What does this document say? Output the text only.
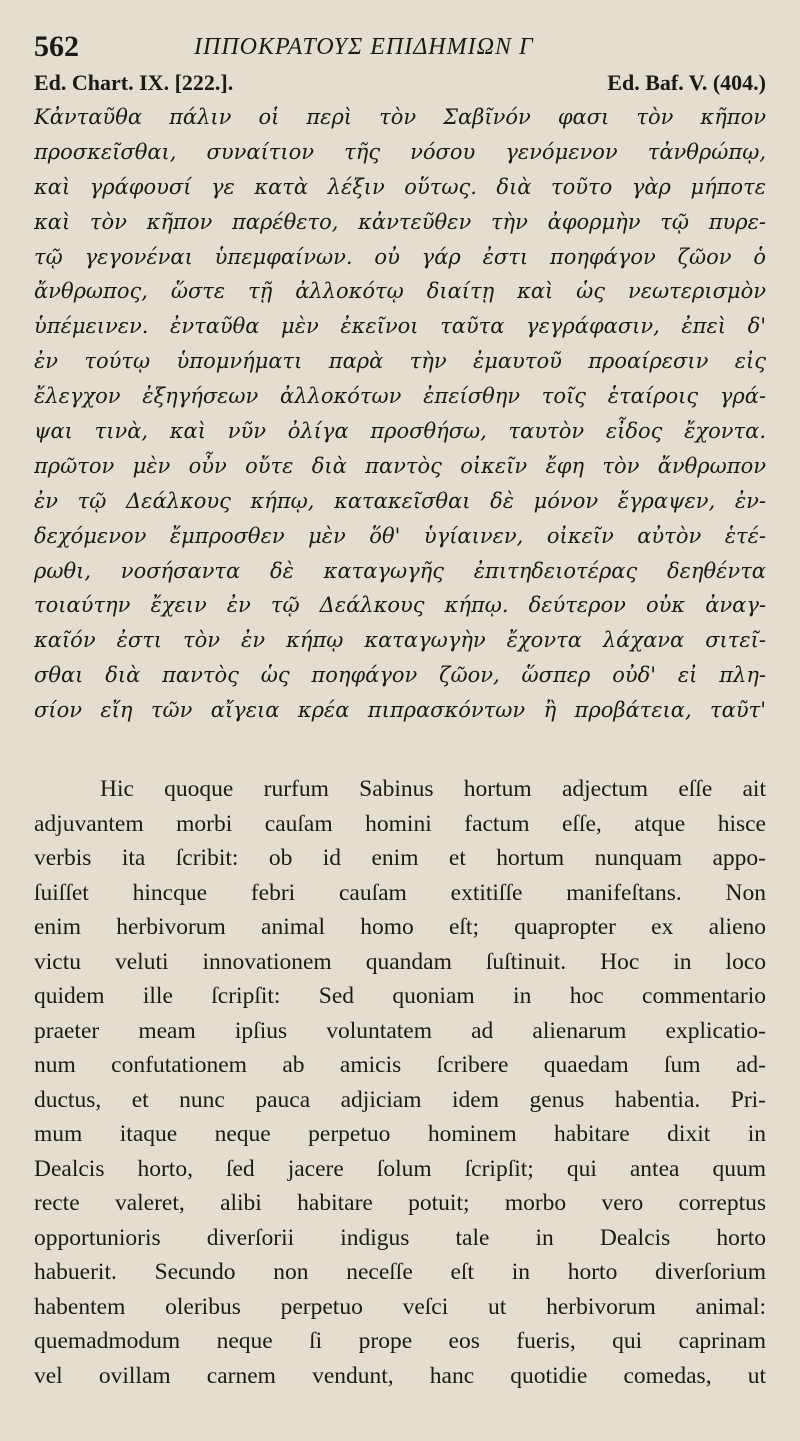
562	ΙΠΠΟΚΡΑΤΟΥΣ ΕΠΙΔΗΜΙΩΝ Γ
Ed. Chart. IX. [222.].	Ed. Baf. V. (404.)
Κἀνταῦθα πάλιν οἱ περὶ τὸν Σαβῖνόν φασι τὸν κῆπον
προσκεῖσθαι, συναίτιον τῆς νόσου γενόμενον τἀνθρώπῳ,
καὶ γράφουσί γε κατὰ λέξιν οὕτως. διὰ τοῦτο γὰρ μήποτε
καὶ τὸν κῆπον παρέθετο, κἀντεῦθεν τὴν ἀφορμὴν τῷ πυρε-
τῷ γεγονέναι ὑπεμφαίνων. οὐ γάρ ἐστι ποηφάγον ζῶον ὁ
ἄνθρωπος, ὥστε τῇ ἀλλοκότῳ διαίτῃ καὶ ὡς νεωτερισμὸν
ὑπέμεινεν. ἐνταῦθα μὲν ἐκεῖνοι ταῦτα γεγράφασιν, ἐπεὶ δ'
ἐν τούτῳ ὑπομνήματι παρὰ τὴν ἐμαυτοῦ προαίρεσιν εἰς
ἔλεγχον ἐξηγήσεων ἀλλοκότων ἐπείσθην τοῖς ἑταίροις γρά-
ψαι τινὰ, καὶ νῦν ὀλίγα προσθήσω, ταυτὸν εἶδος ἔχοντα.
πρῶτον μὲν οὖν οὔτε διὰ παντὸς οἰκεῖν ἔφη τὸν ἄνθρωπον
ἐν τῷ Δεάλκους κήπῳ, κατακεῖσθαι δὲ μόνον ἔγραψεν, ἐν-
δεχόμενον ἔμπροσθεν μὲν ὅθ' ὑγίαινεν, οἰκεῖν αὐτὸν ἑτέ-
ρωθι, νοσήσαντα δὲ καταγωγῆς ἐπιτηδειοτέρας δεηθέντα
τοιαύτην ἔχειν ἐν τῷ Δεάλκους κήπῳ. δεύτερον οὐκ ἀναγ-
καῖόν ἐστι τὸν ἐν κήπῳ καταγωγὴν ἔχοντα λάχανα σιτεῖ-
σθαι διὰ παντὸς ὡς ποηφάγον ζῶον, ὥσπερ οὐδ' εἰ πλη-
σίον εἴη τῶν αἴγεια κρέα πιπρασκόντων ἢ προβάτεια, ταῦτ'
Hic quoque rurfum Sabinus hortum adjectum eſſe ait
adjuvantem morbi cauſam homini factum eſſe, atque hisce
verbis ita ſcribit: ob id enim et hortum nunquam appo-
ſuiſſet hincque febri cauſam extitiſſe manifeſtans. Non
enim herbivorum animal homo eſt; quapropter ex alieno
victu veluti innovationem quandam ſuſtinuit. Hoc in loco
quidem ille ſcripſit: Sed quoniam in hoc commentario
praeter meam ipſius voluntatem ad alienarum explicatio-
num confutationem ab amicis ſcribere quaedam ſum ad-
ductus, et nunc pauca adjiciam idem genus habentia. Pri-
mum itaque neque perpetuo hominem habitare dixit in
Dealcis horto, ſed jacere ſolum ſcripſit; qui antea quum
recte valeret, alibi habitare potuit; morbo vero correptus
opportunioris diverſorii indigus tale in Dealcis horto
habuerit. Secundo non neceſſe eſt in horto diverſorium
habentem oleribus perpetuo veſci ut herbivorum animal:
quemadmodum neque ſi prope eos fueris, qui caprinam
vel ovillam carnem vendunt, hanc quotidie comedas, ut
